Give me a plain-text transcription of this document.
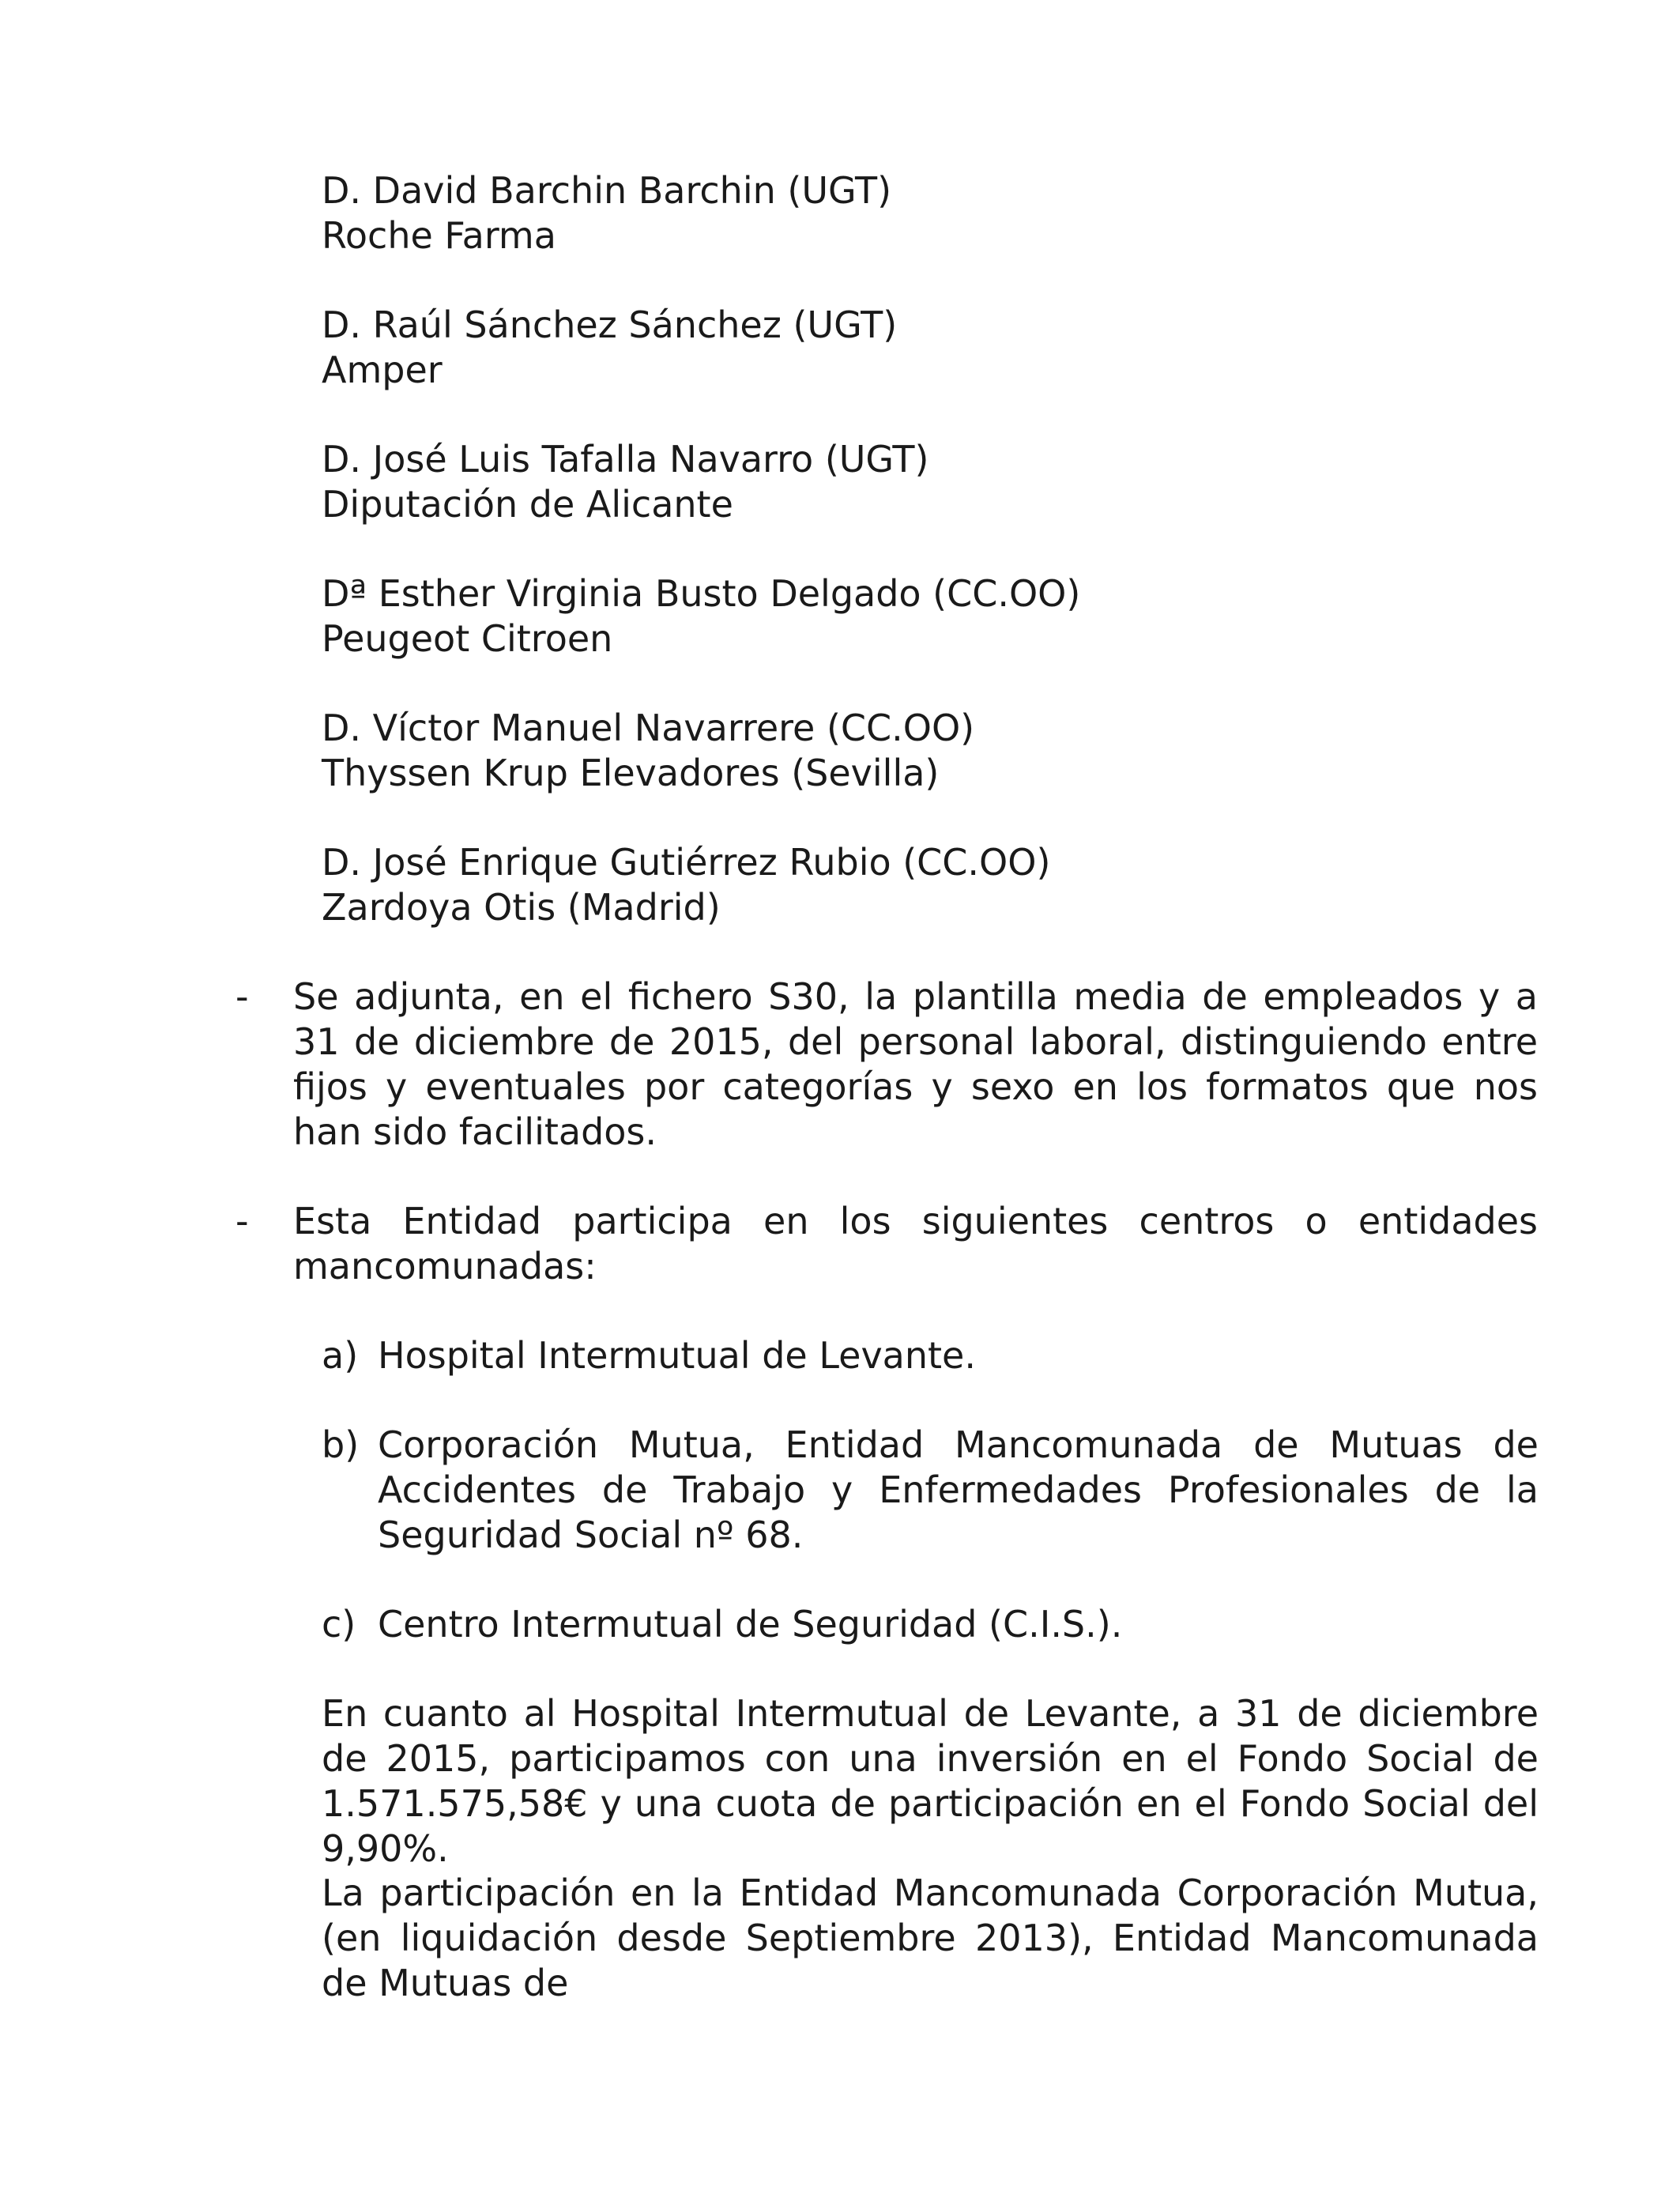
D. David Barchin Barchin (UGT)
Roche Farma
D. Raúl Sánchez Sánchez (UGT)
Amper
D. José Luis Tafalla Navarro (UGT)
Diputación de Alicante
Dª Esther Virginia Busto Delgado (CC.OO)
Peugeot Citroen
D. Víctor Manuel Navarrere (CC.OO)
Thyssen Krup Elevadores (Sevilla)
D. José Enrique Gutiérrez Rubio (CC.OO)
Zardoya Otis (Madrid)
- Se adjunta, en el fichero S30, la plantilla media de empleados y a 31 de diciembre de 2015, del personal laboral, distinguiendo entre fijos y eventuales por categorías y sexo en los formatos que nos han sido facilitados.
- Esta Entidad participa en los siguientes centros o entidades mancomunadas:
a) Hospital Intermutual de Levante.
b) Corporación Mutua, Entidad Mancomunada de Mutuas de Accidentes de Trabajo y Enfermedades Profesionales de la Seguridad Social nº 68.
c) Centro Intermutual de Seguridad (C.I.S.).
En cuanto al Hospital Intermutual de Levante, a 31 de diciembre de 2015, participamos con una inversión en el Fondo Social de 1.571.575,58€ y una cuota de participación en el Fondo Social del 9,90%.
La participación en la Entidad Mancomunada Corporación Mutua, (en liquidación desde Septiembre 2013), Entidad Mancomunada de Mutuas de
